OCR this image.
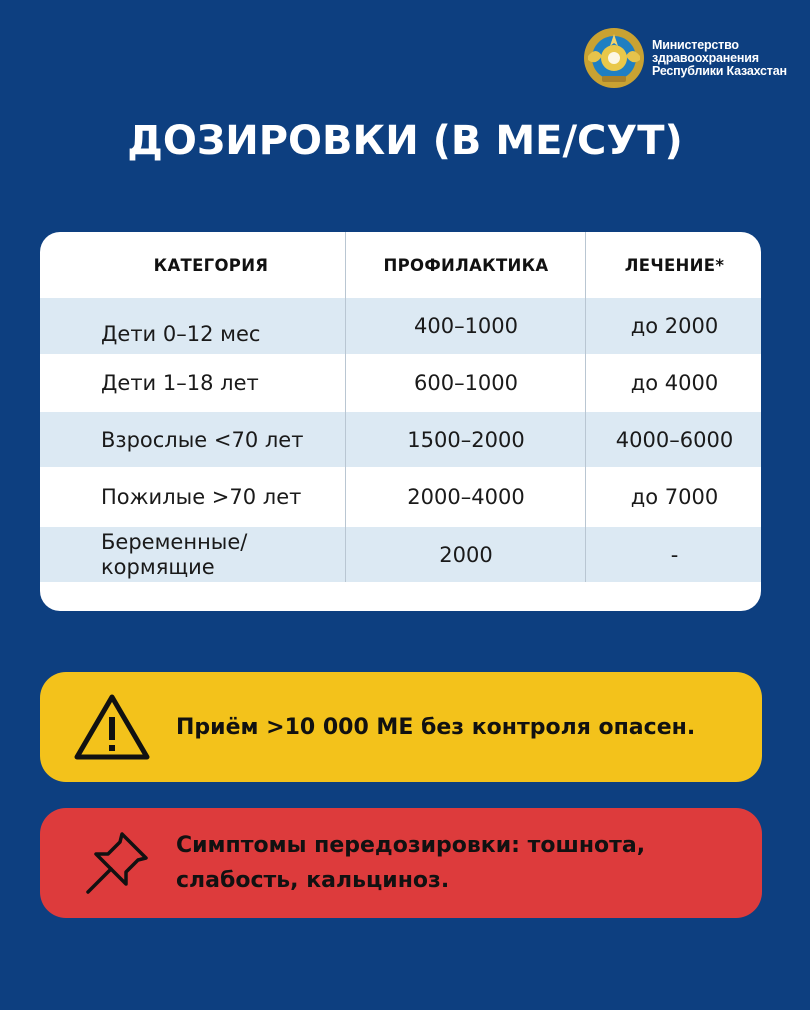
Министерство
здравоохранения
Республики Казахстан
ДОЗИРОВКИ (В МЕ/СУТ)
КАТЕГОРИЯ	ПРОФИЛАКТИКА	ЛЕЧЕНИЕ*
Дети 0–12 мес	400–1000	до 2000
Дети 1–18 лет	600–1000	до 4000
Взрослые <70 лет	1500–2000	4000–6000
Пожилые >70 лет	2000–4000	до 7000
Беременные/
кормящие	2000	-
Приём >10 000 МЕ без контроля опасен.
Симптомы передозировки: тошнота,
слабость, кальциноз.
